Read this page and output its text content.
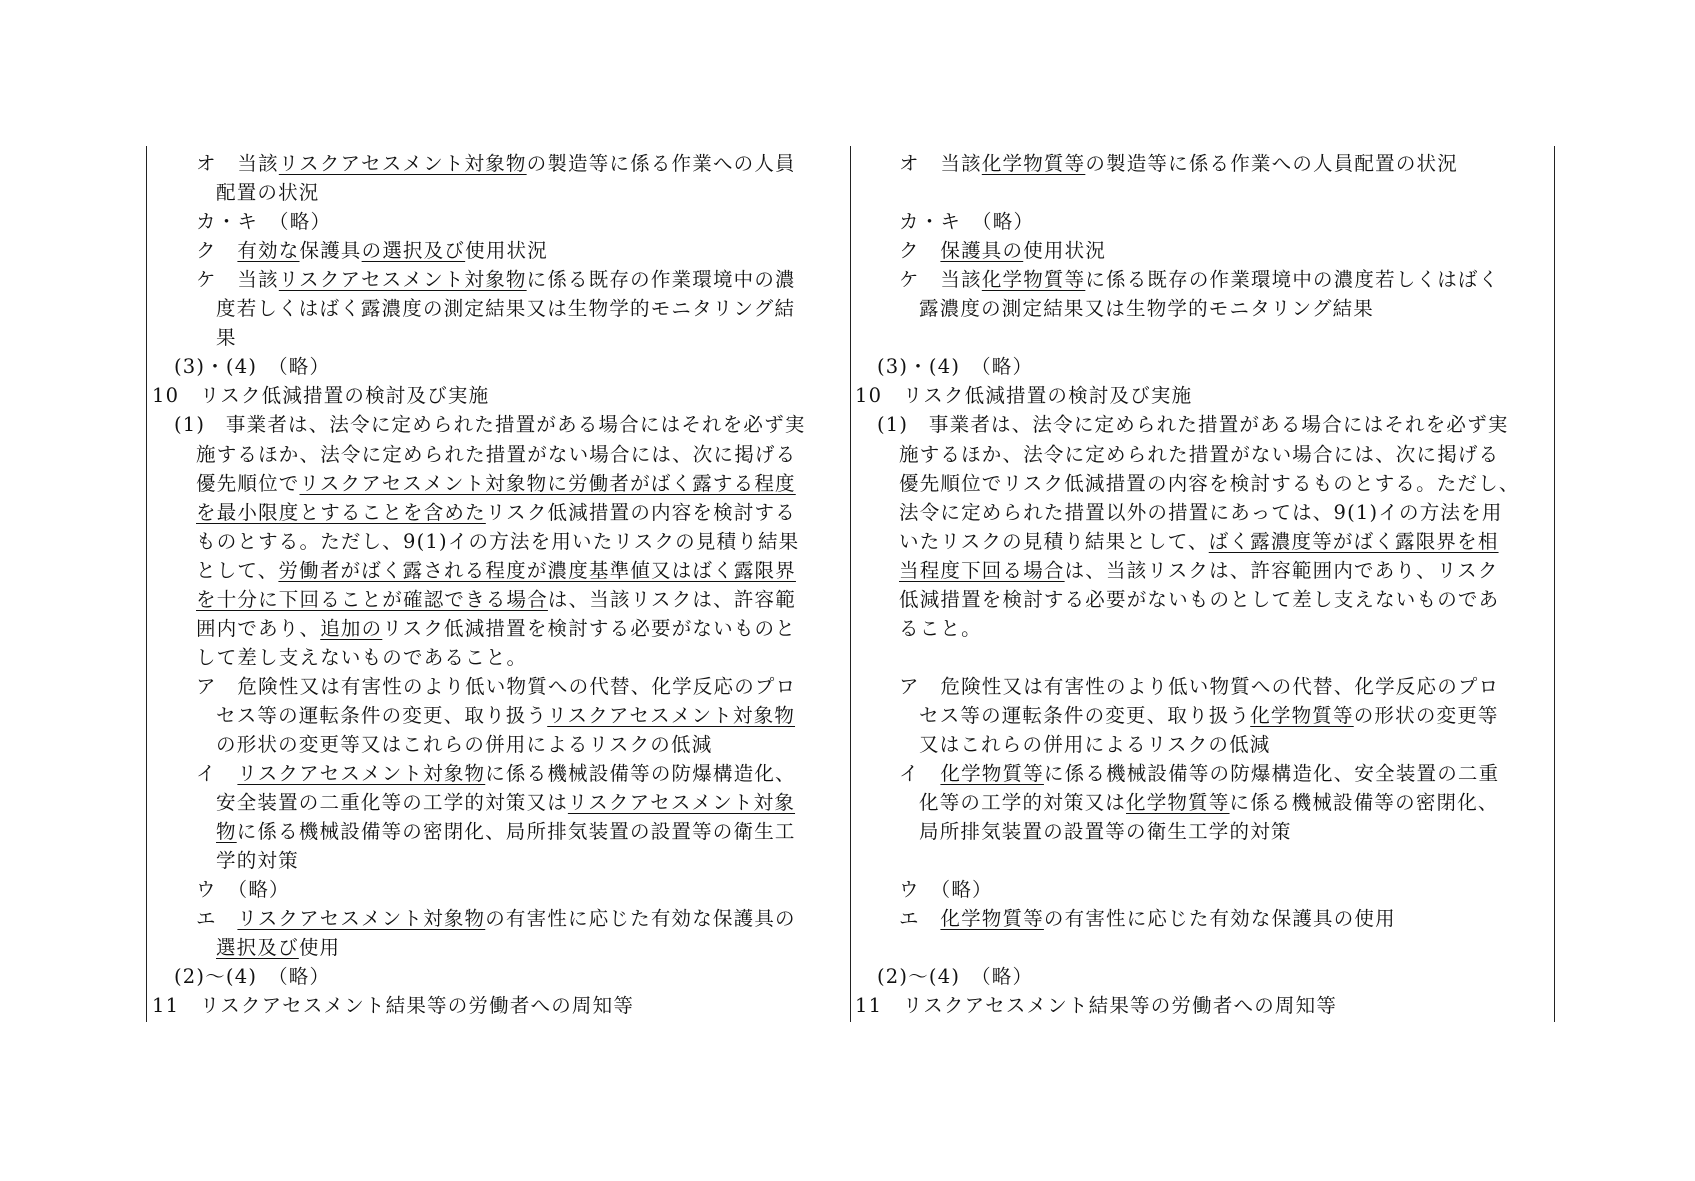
オ　当該リスクアセスメント対象物の製造等に係る作業への人員
配置の状況
カ・キ　（略）
ク　有効な保護具の選択及び使用状況
ケ　当該リスクアセスメント対象物に係る既存の作業環境中の濃
度若しくはばく露濃度の測定結果又は生物学的モニタリング結
果
(3)・(4)　（略）
10　リスク低減措置の検討及び実施
(1)　事業者は、法令に定められた措置がある場合にはそれを必ず実
施するほか、法令に定められた措置がない場合には、次に掲げる
優先順位でリスクアセスメント対象物に労働者がばく露する程度
を最小限度とすることを含めたリスク低減措置の内容を検討する
ものとする。ただし、9(1)イの方法を用いたリスクの見積り結果
として、労働者がばく露される程度が濃度基準値又はばく露限界
を十分に下回ることが確認できる場合は、当該リスクは、許容範
囲内であり、追加のリスク低減措置を検討する必要がないものと
して差し支えないものであること。
ア　危険性又は有害性のより低い物質への代替、化学反応のプロ
セス等の運転条件の変更、取り扱うリスクアセスメント対象物
の形状の変更等又はこれらの併用によるリスクの低減
イ　リスクアセスメント対象物に係る機械設備等の防爆構造化、
安全装置の二重化等の工学的対策又はリスクアセスメント対象
物に係る機械設備等の密閉化、局所排気装置の設置等の衛生工
学的対策
ウ　（略）
エ　リスクアセスメント対象物の有害性に応じた有効な保護具の
選択及び使用
(2)～(4)　（略）
11　リスクアセスメント結果等の労働者への周知等
オ　当該化学物質等の製造等に係る作業への人員配置の状況
カ・キ　（略）
ク　保護具の使用状況
ケ　当該化学物質等に係る既存の作業環境中の濃度若しくはばく
露濃度の測定結果又は生物学的モニタリング結果
(3)・(4)　（略）
10　リスク低減措置の検討及び実施
(1)　事業者は、法令に定められた措置がある場合にはそれを必ず実
施するほか、法令に定められた措置がない場合には、次に掲げる
優先順位でリスク低減措置の内容を検討するものとする。ただし、
法令に定められた措置以外の措置にあっては、9(1)イの方法を用
いたリスクの見積り結果として、ばく露濃度等がばく露限界を相
当程度下回る場合は、当該リスクは、許容範囲内であり、リスク
低減措置を検討する必要がないものとして差し支えないものであ
ること。
ア　危険性又は有害性のより低い物質への代替、化学反応のプロ
セス等の運転条件の変更、取り扱う化学物質等の形状の変更等
又はこれらの併用によるリスクの低減
イ　化学物質等に係る機械設備等の防爆構造化、安全装置の二重
化等の工学的対策又は化学物質等に係る機械設備等の密閉化、
局所排気装置の設置等の衛生工学的対策
ウ　（略）
エ　化学物質等の有害性に応じた有効な保護具の使用
(2)～(4)　（略）
11　リスクアセスメント結果等の労働者への周知等
